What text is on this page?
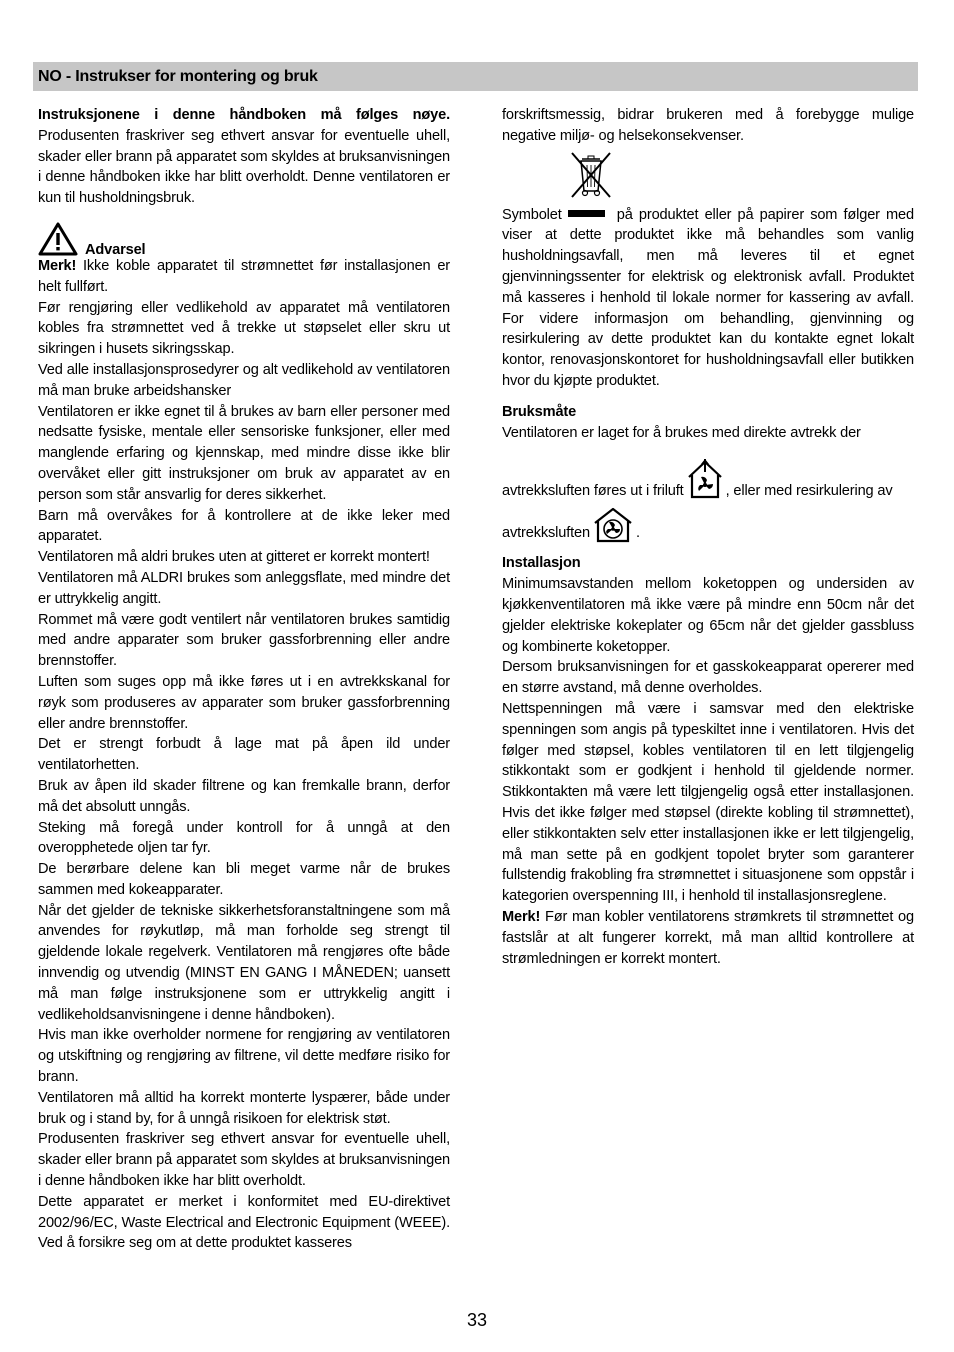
NO - Instrukser for montering og bruk

Instruksjonene i denne håndboken må følges nøye. Produsenten fraskriver seg ethvert ansvar for eventuelle uhell, skader eller brann på apparatet som skyldes at bruksanvisningen i denne håndboken ikke har blitt overholdt. Denne ventilatoren er kun til husholdningsbruk.

Advarsel

Merk! Ikke koble apparatet til strømnettet før installasjonen er helt fullført.

Før rengjøring eller vedlikehold av apparatet må ventilatoren kobles fra strømnettet ved å trekke ut støpselet eller skru ut sikringen i husets sikringsskap.

Ved alle installasjonsprosedyrer og alt vedlikehold av ventilatoren må man bruke arbeidshansker

Ventilatoren er ikke egnet til å brukes av barn eller personer med nedsatte fysiske, mentale eller sensoriske funksjoner, eller med manglende erfaring og kjennskap, med mindre disse ikke blir overvåket eller gitt instruksjoner om bruk av apparatet av en person som står ansvarlig for deres sikkerhet.

Barn må overvåkes for å kontrollere at de ikke leker med apparatet.

Ventilatoren må aldri brukes uten at gitteret er korrekt montert!

Ventilatoren må ALDRI brukes som anleggsflate, med mindre det er uttrykkelig angitt.

Rommet må være godt ventilert når ventilatoren brukes samtidig med andre apparater som bruker gassforbrenning eller andre brennstoffer.

Luften som suges opp må ikke føres ut i en avtrekkskanal for røyk som produseres av apparater som bruker gassforbrenning eller andre brennstoffer.

Det er strengt forbudt å lage mat på åpen ild under ventilatorhetten.

Bruk av åpen ild skader filtrene og kan fremkalle brann, derfor må det absolutt unngås.

Steking må foregå under kontroll for å unngå at den overopphetede oljen tar fyr.

De berørbare delene kan bli meget varme når de brukes sammen med kokeapparater.

Når det gjelder de tekniske sikkerhetsforanstaltningene som må anvendes for røykutløp, må man forholde seg strengt til gjeldende lokale regelverk. Ventilatoren må rengjøres ofte både innvendig og utvendig (MINST EN GANG I MÅNEDEN; uansett må man følge instruksjonene som er uttrykkelig angitt i vedlikeholdsanvisningene i denne håndboken).

Hvis man ikke overholder normene for rengjøring av ventilatoren og utskiftning og rengjøring av filtrene, vil dette medføre risiko for brann.

Ventilatoren må alltid ha korrekt monterte lyspærer, både under bruk og i stand by, for å unngå risikoen for elektrisk støt.

Produsenten fraskriver seg ethvert ansvar for eventuelle uhell, skader eller brann på apparatet som skyldes at bruksanvisningen i denne håndboken ikke har blitt overholdt.

Dette apparatet er merket i konformitet med EU-direktivet 2002/96/EC, Waste Electrical and Electronic Equipment (WEEE). Ved å forsikre seg om at dette produktet kasseres

forskriftsmessig, bidrar brukeren med å forebygge mulige negative miljø- og helsekonsekvenser.

Symbolet	på produktet eller på papirer som følger med viser at dette produktet ikke må behandles som vanlig husholdningsavfall, men må leveres til et egnet gjenvinningssenter for elektrisk og elektronisk avfall. Produktet må kasseres i henhold til lokale normer for kassering av avfall. For videre informasjon om behandling, gjenvinning og resirkulering av dette produktet kan du kontakte egnet lokalt kontor, renovasjonskontoret for husholdningsavfall eller butikken hvor du kjøpte produktet.

Bruksmåte

Ventilatoren er laget for å brukes med direkte avtrekk der

avtrekksluften føres ut i friluft	, eller med resirkulering av

avtrekksluften	.

Installasjon

Minimumsavstanden mellom koketoppen og undersiden av kjøkkenventilatoren må ikke være på mindre enn 50cm når det gjelder elektriske kokeplater og 65cm når det gjelder gassbluss og kombinerte koketopper.

Dersom bruksanvisningen for et gasskokeapparat opererer med en større avstand, må denne overholdes.

Nettspenningen må være i samsvar med den elektriske spenningen som angis på typeskiltet inne i ventilatoren. Hvis det følger med støpsel, kobles ventilatoren til en lett tilgjengelig stikkontakt som er godkjent i henhold til gjeldende normer. Stikkontakten må være lett tilgjengelig også etter installasjonen. Hvis det ikke følger med støpsel (direkte kobling til strømnettet), eller stikkontakten selv etter installasjonen ikke er lett tilgjengelig, må man sette på en godkjent topolet bryter som garanterer fullstendig frakobling fra strømnettet i situasjonene som oppstår i kategorien overspenning III, i henhold til installasjonsreglene.

Merk! Før man kobler ventilatorens strømkrets til strømnettet og fastslår at alt fungerer korrekt, må man alltid kontrollere at strømledningen er korrekt montert.

33
